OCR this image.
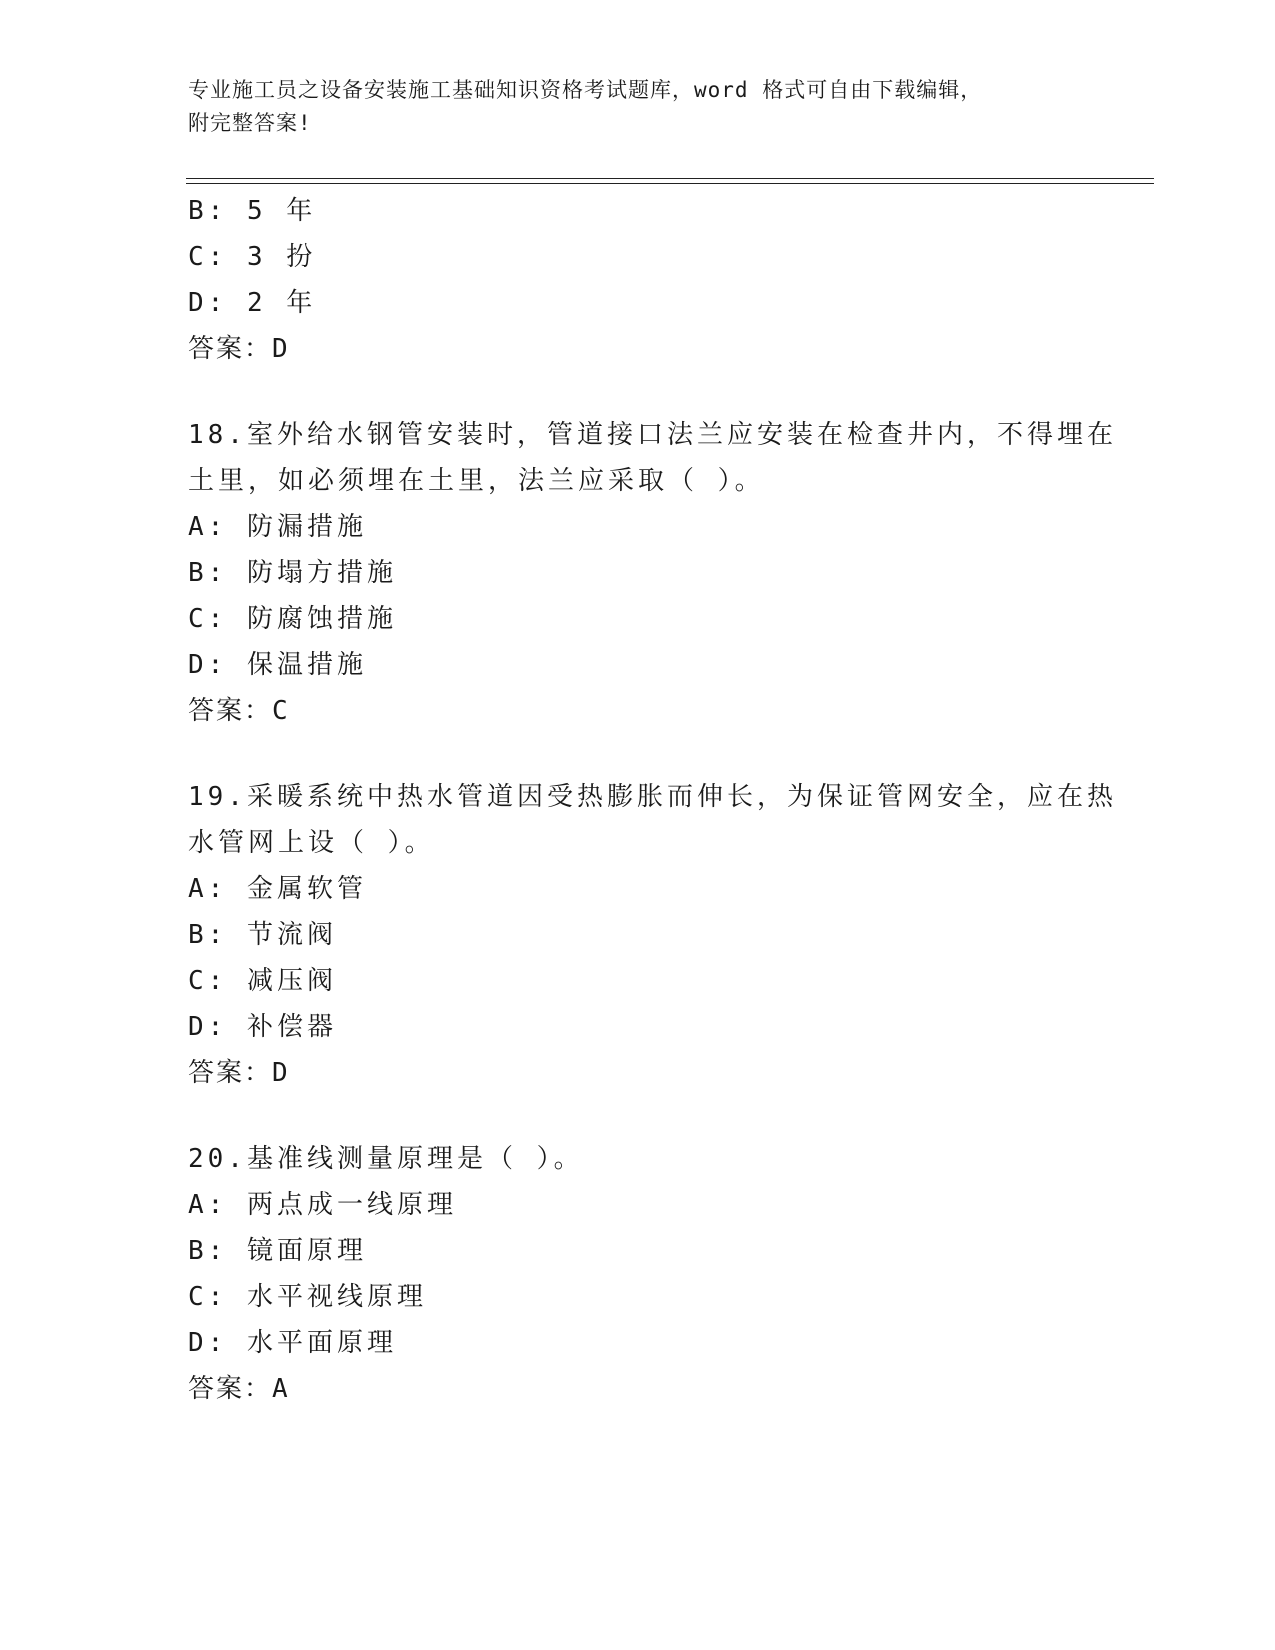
专业施工员之设备安装施工基础知识资格考试题库，word 格式可自由下载编辑，
附完整答案!
B: 5 年
C: 3 扮
D: 2 年
答案：D
18.室外给水钢管安装时，管道接口法兰应安装在检查井内，不得埋在
土里，如必须埋在土里，法兰应采取（ ）。
A: 防漏措施
B: 防塌方措施
C: 防腐蚀措施
D: 保温措施
答案：C
19.采暖系统中热水管道因受热膨胀而伸长，为保证管网安全，应在热
水管网上设（ ）。
A: 金属软管
B: 节流阀
C: 减压阀
D: 补偿器
答案：D
20.基准线测量原理是（ ）。
A: 两点成一线原理
B: 镜面原理
C: 水平视线原理
D: 水平面原理
答案：A
